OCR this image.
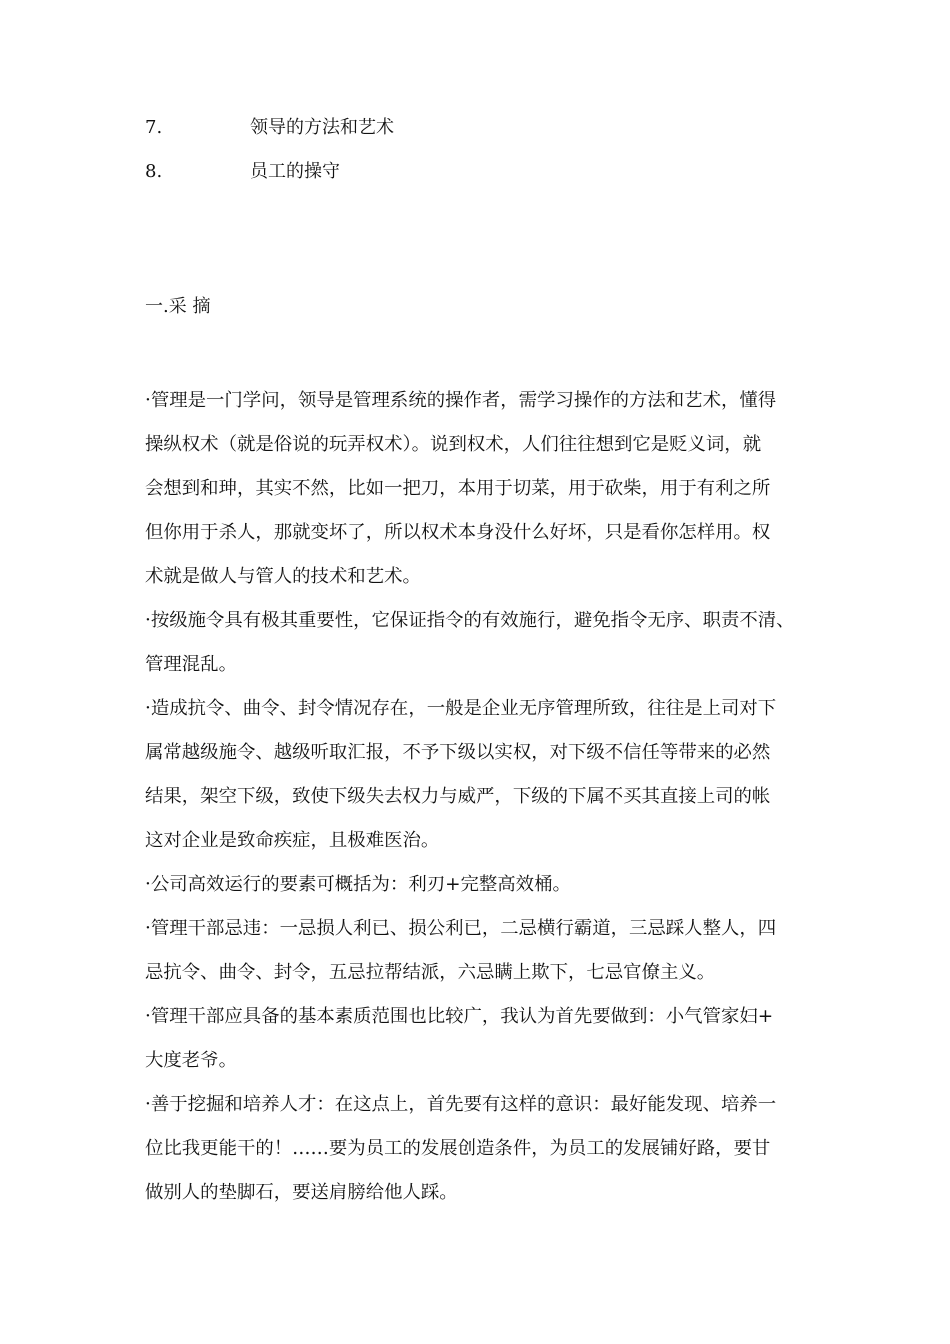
7.	领导的方法和艺术
8.	员工的操守
一.采 摘
·管理是一门学问，领导是管理系统的操作者，需学习操作的方法和艺术，懂得
操纵权术（就是俗说的玩弄权术）。说到权术，人们往往想到它是贬义词，就
会想到和珅，其实不然，比如一把刀，本用于切菜，用于砍柴，用于有利之所
但你用于杀人，那就变坏了，所以权术本身没什么好坏，只是看你怎样用。权
术就是做人与管人的技术和艺术。
·按级施令具有极其重要性，它保证指令的有效施行，避免指令无序、职责不清、
管理混乱。
·造成抗令、曲令、封令情况存在，一般是企业无序管理所致，往往是上司对下
属常越级施令、越级听取汇报，不予下级以实权，对下级不信任等带来的必然
结果，架空下级，致使下级失去权力与威严，下级的下属不买其直接上司的帐
这对企业是致命疾症，且极难医治。
·公司高效运行的要素可概括为：利刃+完整高效桶。
·管理干部忌违：一忌损人利已、损公利已，二忌横行霸道，三忌踩人整人，四
忌抗令、曲令、封令，五忌拉帮结派，六忌瞒上欺下，七忌官僚主义。
·管理干部应具备的基本素质范围也比较广，我认为首先要做到：小气管家妇+
大度老爷。
·善于挖掘和培养人才：在这点上，首先要有这样的意识：最好能发现、培养一
位比我更能干的！……要为员工的发展创造条件，为员工的发展铺好路，要甘
做别人的垫脚石，要送肩膀给他人踩。
